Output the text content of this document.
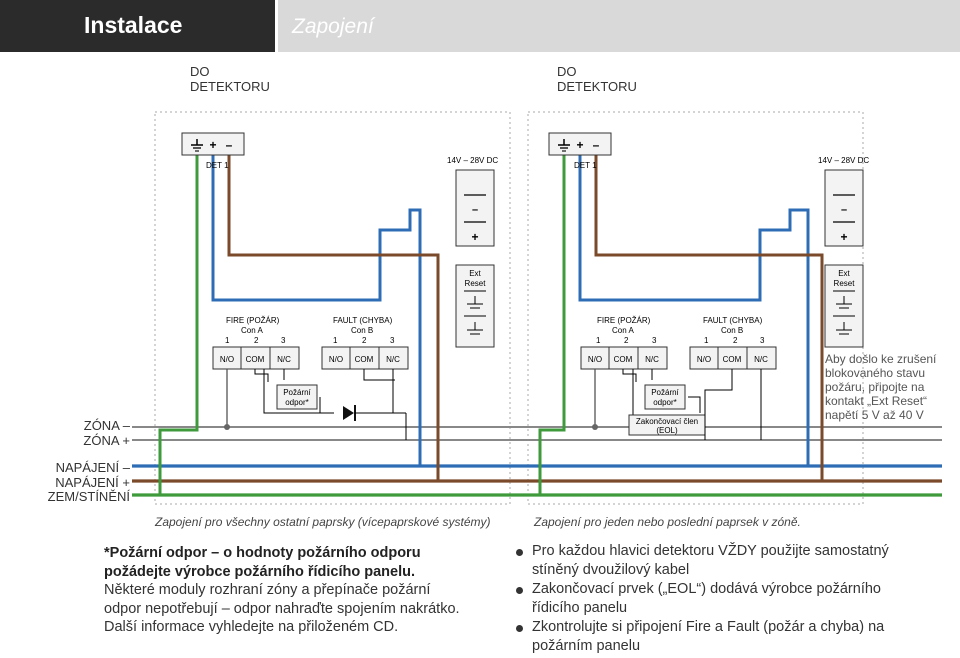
Instalace	Zapojení
DO
DETEKTORU
DO
DETEKTORU
ZÓNA –
ZÓNA +
NAPÁJENÍ –
NAPÁJENÍ +
ZEM/STÍNĚNÍ
+ –
DET 1
14V – 28V DC
–
+
Ext
Reset
FIRE (POŽÁR)
Con A
1	2	3
FAULT (CHYBA)
Con B
1	2	3
N/O COM N/C	N/O COM N/C
Požární
odpor*
+ –
DET 1
14V – 28V DC
–
+
Ext
Reset
FIRE (POŽÁR)
Con A
1	2	3
FAULT (CHYBA)
Con B
1	2	3
N/O COM N/C	N/O COM N/C
Požární
odpor*
Zakončovací člen
(EOL)
Aby došlo ke zrušení
blokovaného stavu
požáru, připojte na
kontakt „Ext Reset“
napětí 5 V až 40 V
Zapojení pro všechny ostatní paprsky (vícepaprskové systémy)	Zapojení pro jeden nebo poslední paprsek v zóně.
*Požární odpor – o hodnoty požárního odporu
požádejte výrobce požárního řídicího panelu.
Některé moduly rozhraní zóny a přepínače požární
odpor nepotřebují – odpor nahraďte spojením nakrátko.
Další informace vyhledejte na přiloženém CD.
Pro každou hlavici detektoru VŽDY použijte samostatný
stíněný dvoužilový kabel
Zakončovací prvek („EOL“) dodává výrobce požárního
řídicího panelu
Zkontrolujte si připojení Fire a Fault (požár a chyba) na
požárním panelu
